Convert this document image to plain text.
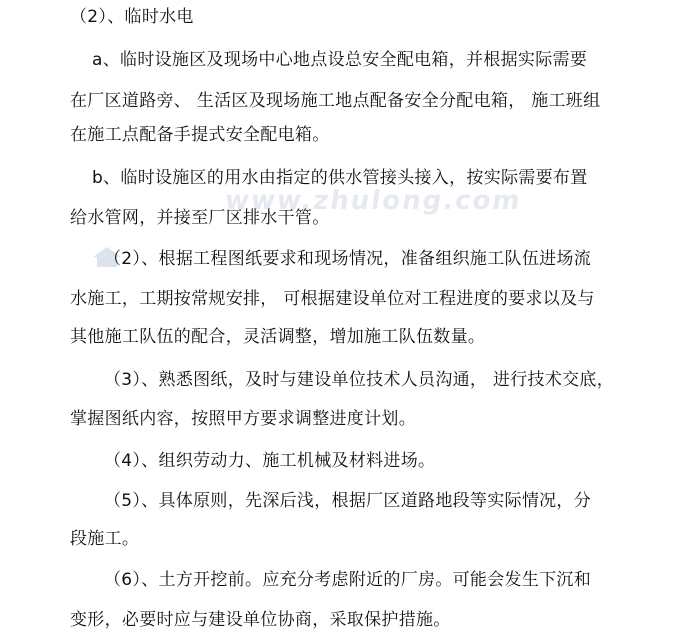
www.zhulong.com
（2）、临时水电
a、临时设施区及现场中心地点设总安全配电箱，并根据实际需要
在厂区道路旁、 生活区及现场施工地点配备安全分配电箱， 施工班组
在施工点配备手提式安全配电箱。
b、临时设施区的用水由指定的供水管接头接入，按实际需要布置
给水管网，并接至厂区排水干管。
（2）、根据工程图纸要求和现场情况，准备组织施工队伍进场流
水施工，工期按常规安排， 可根据建设单位对工程进度的要求以及与
其他施工队伍的配合，灵活调整，增加施工队伍数量。
（3）、熟悉图纸，及时与建设单位技术人员沟通， 进行技术交底，
掌握图纸内容，按照甲方要求调整进度计划。
（4）、组织劳动力、施工机械及材料进场。
（5）、具体原则，先深后浅，根据厂区道路地段等实际情况，分
段施工。
（6）、土方开挖前。应充分考虑附近的厂房。可能会发生下沉和
变形，必要时应与建设单位协商，采取保护措施。
